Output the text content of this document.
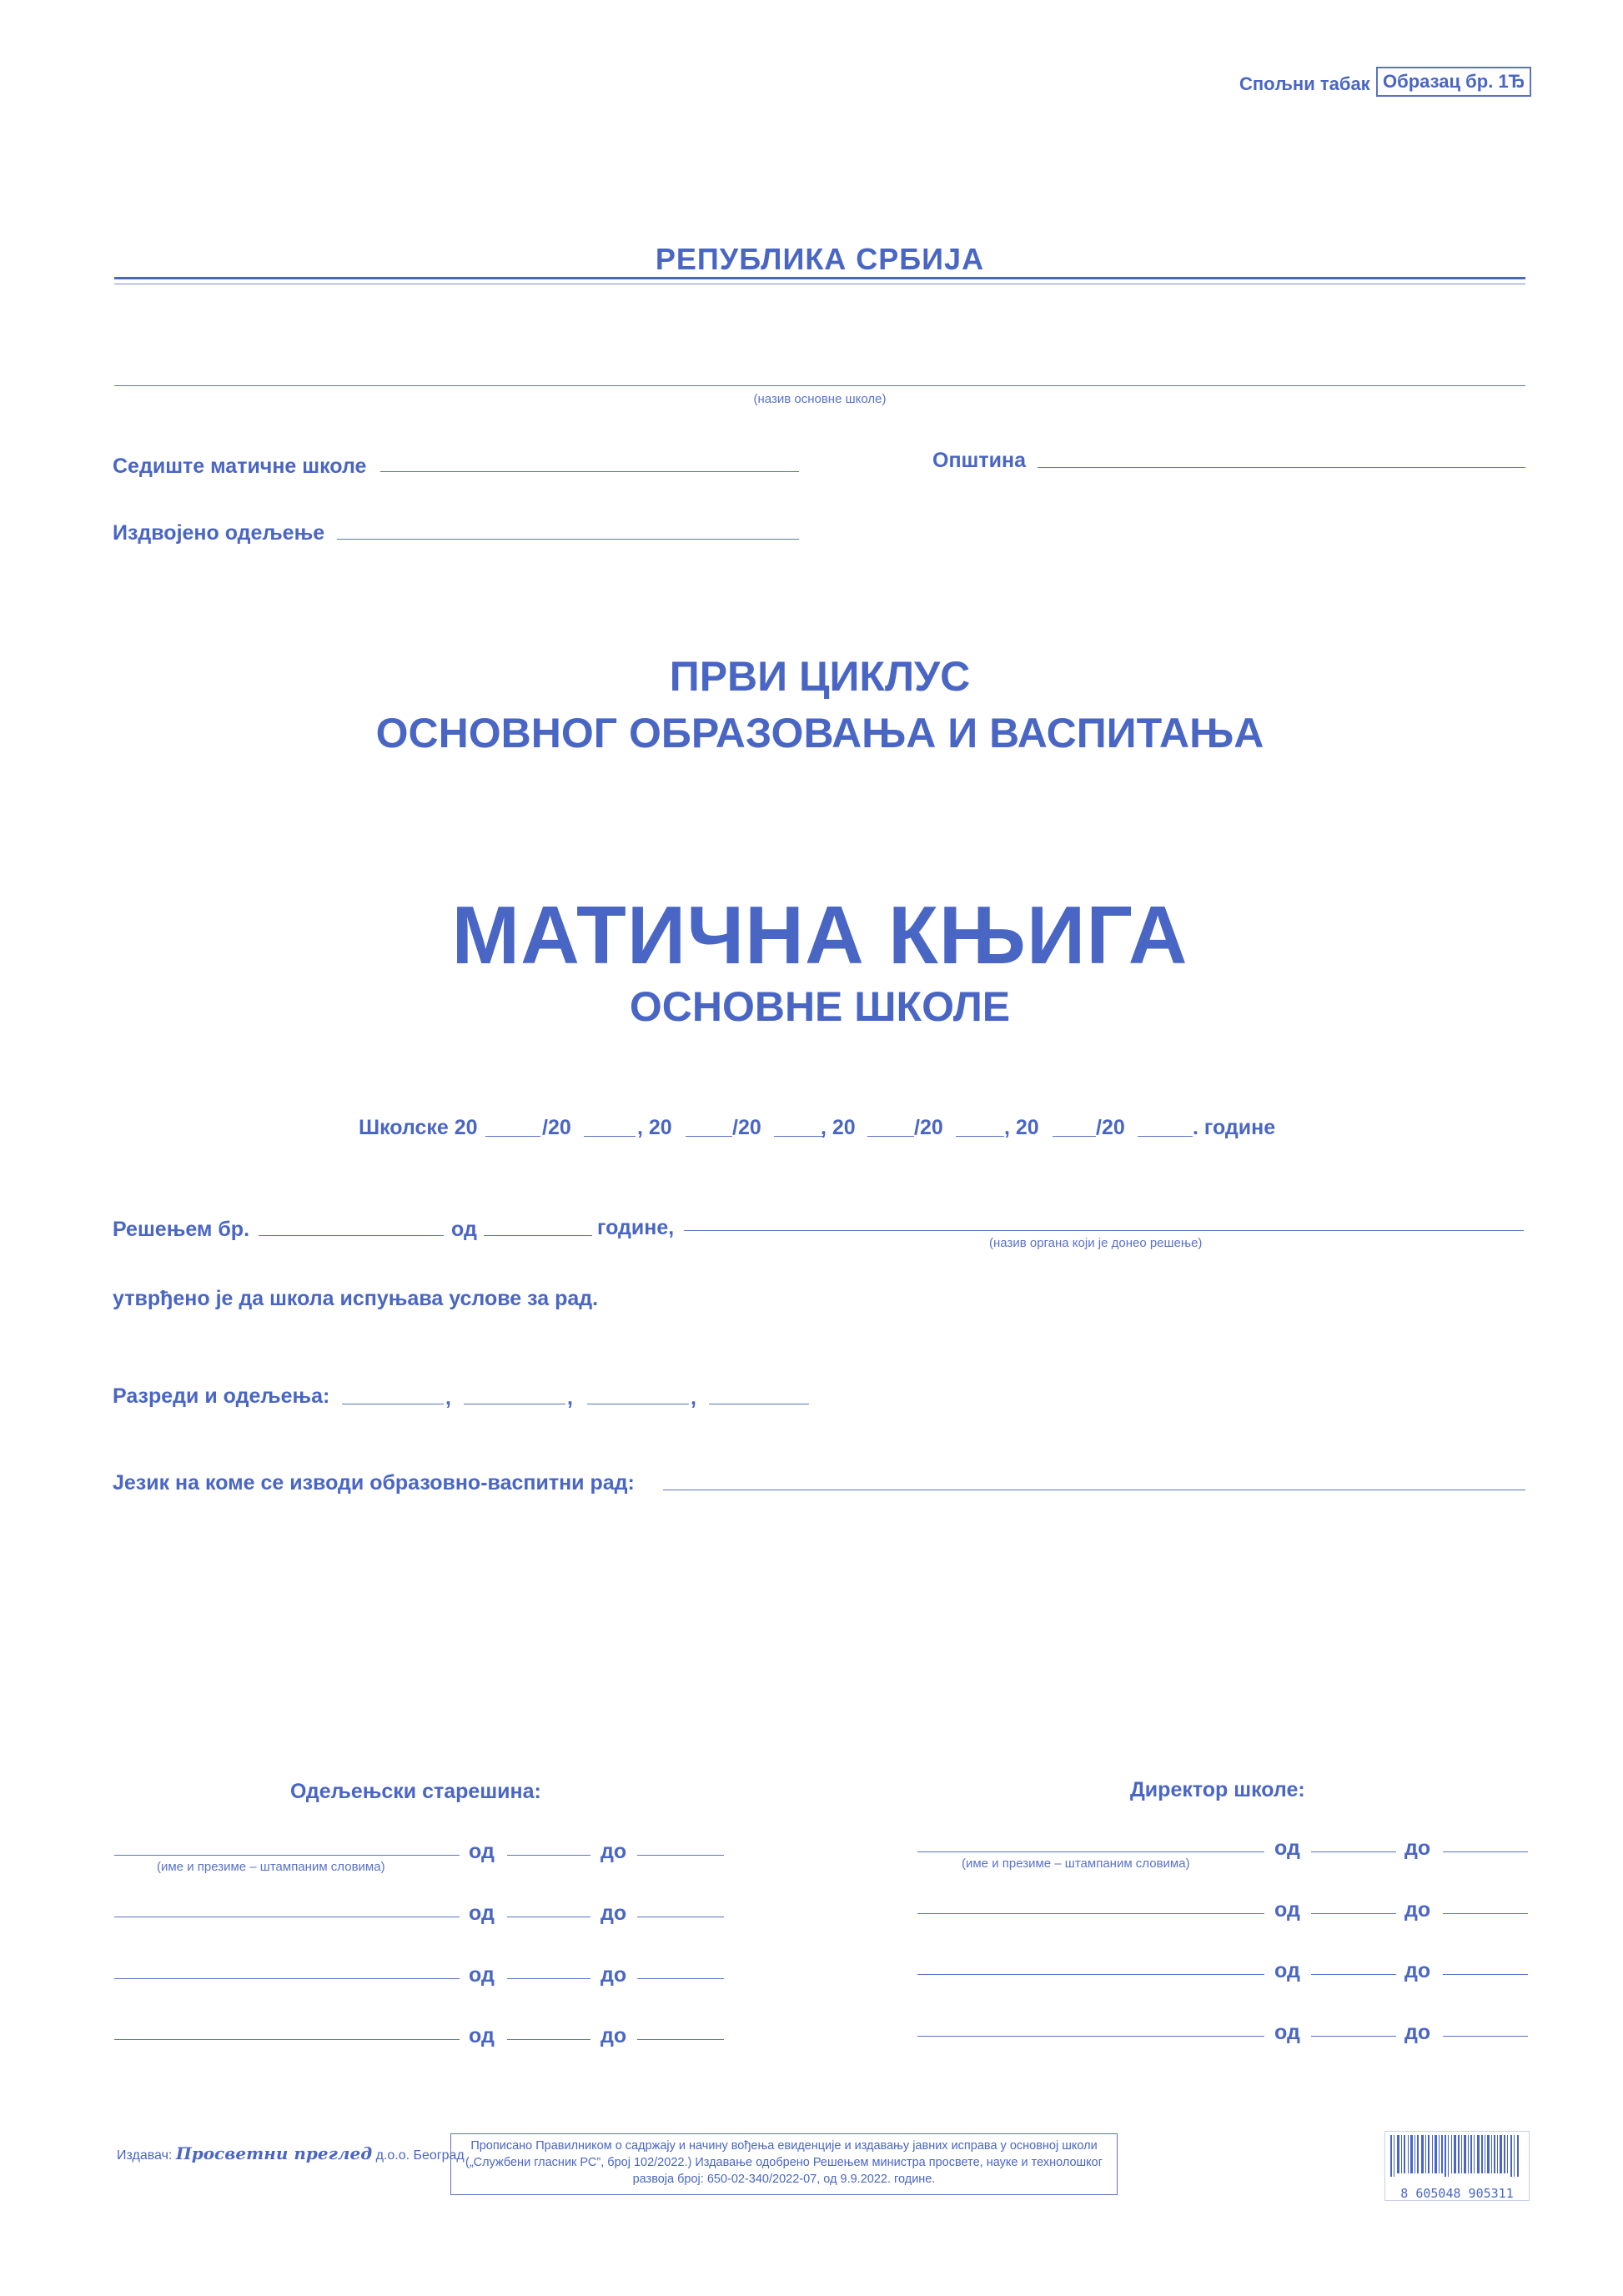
Спољни табак Образац бр. 1Ђ
РЕПУБЛИКА СРБИЈА
(назив основне школе)
Седиште матичне школе	Општина
Издвојено одељење
ПРВИ ЦИКЛУС
ОСНОВНОГ ОБРАЗОВАЊА И ВАСПИТАЊА
МАТИЧНА КЊИГА
ОСНОВНЕ ШКОЛЕ
Школске 20	/20	, 20	/20	, 20	/20	, 20	/20	. године
Решењем бр.	од	године,
(назив органа који је донео решење)
утврђено је да школа испуњава услове за рад.
Разреди и одељења:	,	,	,
Језик на коме се изводи образовно-васпитни рад:
Одељењски старешина:	Директор школе:
(име и презиме – штампаним словима)
од	до
од	до
од	до
од	до
(име и презиме – штампаним словима)
од	до
од	до
од	до
од	до
Издавач: Просветни преглед д.о.о. Београд
Прописано Правилником о садржају и начину вођења евиденције и издавању јавних исправа у основној школи („Службени гласник РС”, број 102/2022.) Издавање одобрено Решењем министра просвете, науке и технолошког развоја број: 650-02-340/2022-07, од 9.9.2022. године.
8 605048 905311
